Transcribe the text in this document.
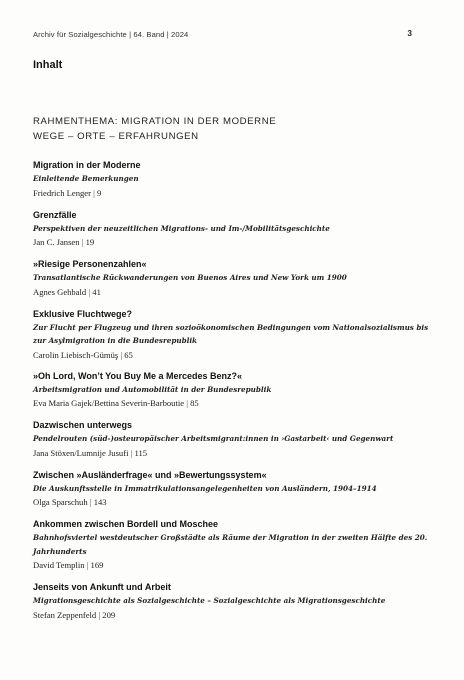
Archiv für Sozialgeschichte | 64. Band | 2024	3
Inhalt
RAHMENTHEMA: MIGRATION IN DER MODERNE
WEGE – ORTE – ERFAHRUNGEN
Migration in der Moderne
Einleitende Bemerkungen
Friedrich Lenger | 9
Grenzfälle
Perspektiven der neuzeitlichen Migrations- und Im-/Mobilitätsgeschichte
Jan C. Jansen | 19
»Riesige Personenzahlen«
Transatlantische Rückwanderungen von Buenos Aires und New York um 1900
Agnes Gehbald | 41
Exklusive Fluchtwege?
Zur Flucht per Flugzeug und ihren sozioökonomischen Bedingungen vom Nationalsozialismus bis
zur Asylmigration in die Bundesrepublik
Carolin Liebisch-Gümüş | 65
»Oh Lord, Won’t You Buy Me a Mercedes Benz?«
Arbeitsmigration und Automobilität in der Bundesrepublik
Eva Maria Gajek/Bettina Severin-Barboutie | 85
Dazwischen unterwegs
Pendelrouten (süd-)osteuropäischer Arbeitsmigrant:innen in ›Gastarbeit‹ und Gegenwart
Jana Stöxen/Lumnije Jusufi | 115
Zwischen »Ausländerfrage« und »Bewertungssystem«
Die Auskunftsstelle in Immatrikulationsangelegenheiten von Ausländern, 1904–1914
Olga Sparschuh | 143
Ankommen zwischen Bordell und Moschee
Bahnhofsviertel westdeutscher Großstädte als Räume der Migration in der zweiten Hälfte des 20.
Jahrhunderts
David Templin | 169
Jenseits von Ankunft und Arbeit
Migrationsgeschichte als Sozialgeschichte – Sozialgeschichte als Migrationsgeschichte
Stefan Zeppenfeld | 209
